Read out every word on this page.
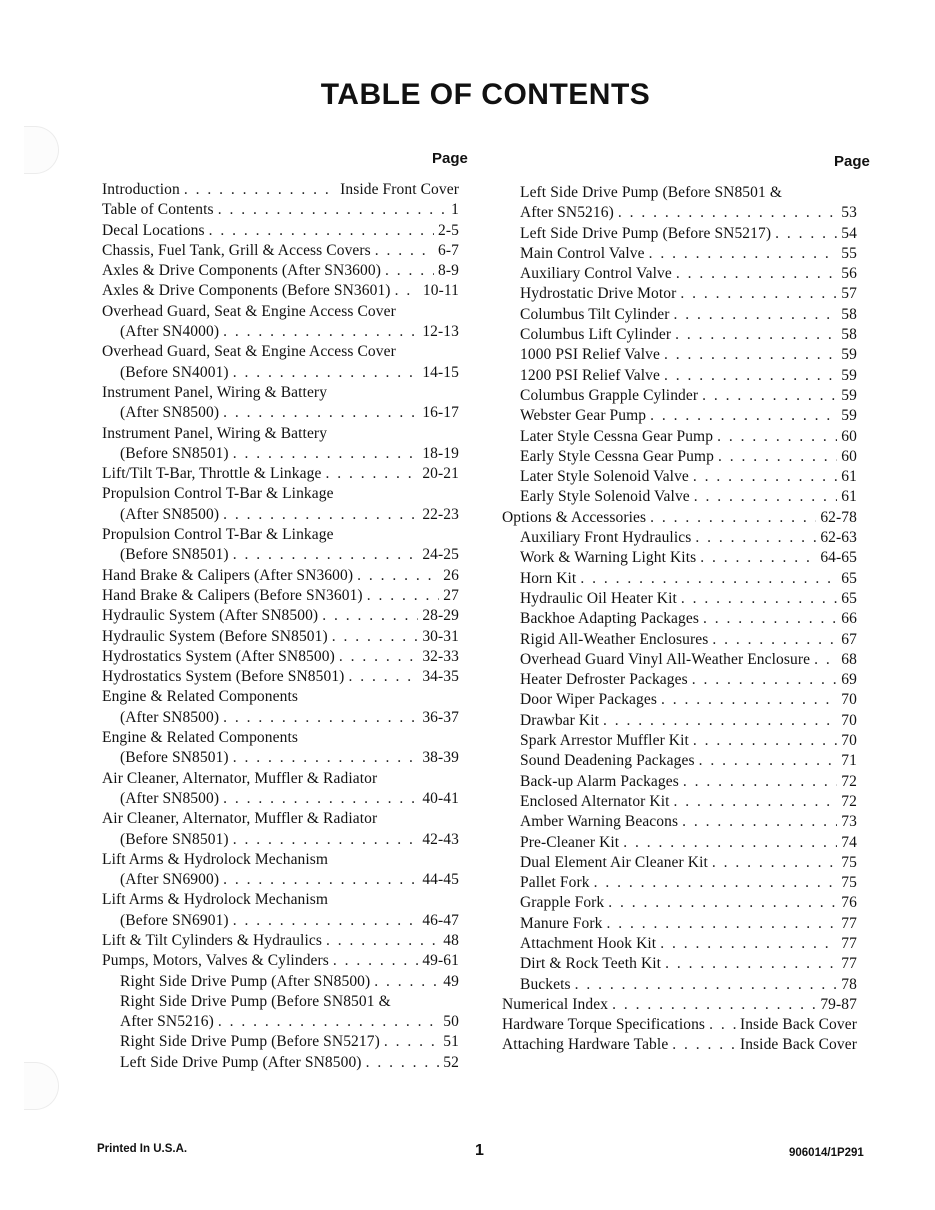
TABLE OF CONTENTS
Page	Page
Introduction . . .	Inside Front Cover
Table of Contents . . .	1
Decal Locations . . .	2-5
Chassis, Fuel Tank, Grill & Access Covers . . .	6-7
Axles & Drive Components (After SN3600) . . .	8-9
Axles & Drive Components (Before SN3601) . . . 10-11
Overhead Guard, Seat & Engine Access Cover
(After SN4000) . . .	12-13
Overhead Guard, Seat & Engine Access Cover
(Before SN4001) . . .	14-15
Instrument Panel, Wiring & Battery
(After SN8500) . . .	16-17
Instrument Panel, Wiring & Battery
(Before SN8501) . . .	18-19
Lift/Tilt T-Bar, Throttle & Linkage . . .	20-21
Propulsion Control T-Bar & Linkage
(After SN8500) . . .	22-23
Propulsion Control T-Bar & Linkage
(Before SN8501) . . .	24-25
Hand Brake & Calipers (After SN3600) . . .	26
Hand Brake & Calipers (Before SN3601) . . .	27
Hydraulic System (After SN8500) . . .	28-29
Hydraulic System (Before SN8501) . . .	30-31
Hydrostatics System (After SN8500) . . .	32-33
Hydrostatics System (Before SN8501) . . .	34-35
Engine & Related Components
(After SN8500) . . .	36-37
Engine & Related Components
(Before SN8501) . . .	38-39
Air Cleaner, Alternator, Muffler & Radiator
(After SN8500) . . .	40-41
Air Cleaner, Alternator, Muffler & Radiator
(Before SN8501) . . .	42-43
Lift Arms & Hydrolock Mechanism
(After SN6900) . . .	44-45
Lift Arms & Hydrolock Mechanism
(Before SN6901) . . .	46-47
Lift & Tilt Cylinders & Hydraulics . . .	48
Pumps, Motors, Valves & Cylinders . . .	49-61
Right Side Drive Pump (After SN8500) . . .	49
Right Side Drive Pump (Before SN8501 &
After SN5216) . . .	50
Right Side Drive Pump (Before SN5217) . . .	51
Left Side Drive Pump (After SN8500) . . .	52
Left Side Drive Pump (Before SN8501 &
After SN5216) . . .	53
Left Side Drive Pump (Before SN5217) . . .	54
Main Control Valve . . .	55
Auxiliary Control Valve . . .	56
Hydrostatic Drive Motor . . .	57
Columbus Tilt Cylinder . . .	58
Columbus Lift Cylinder . . .	58
1000 PSI Relief Valve . . .	59
1200 PSI Relief Valve . . .	59
Columbus Grapple Cylinder . . .	59
Webster Gear Pump . . .	59
Later Style Cessna Gear Pump . . .	60
Early Style Cessna Gear Pump . . .	60
Later Style Solenoid Valve . . .	61
Early Style Solenoid Valve . . .	61
Options & Accessories . . .	62-78
Auxiliary Front Hydraulics . . .	62-63
Work & Warning Light Kits . . .	64-65
Horn Kit . . .	65
Hydraulic Oil Heater Kit . . .	65
Backhoe Adapting Packages . . .	66
Rigid All-Weather Enclosures . . .	67
Overhead Guard Vinyl All-Weather Enclosure . . . 68
Heater Defroster Packages . . .	69
Door Wiper Packages . . .	70
Drawbar Kit . . .	70
Spark Arrestor Muffler Kit . . .	70
Sound Deadening Packages . . .	71
Back-up Alarm Packages . . .	72
Enclosed Alternator Kit . . .	72
Amber Warning Beacons . . .	73
Pre-Cleaner Kit . . .	74
Dual Element Air Cleaner Kit . . .	75
Pallet Fork . . .	75
Grapple Fork . . .	76
Manure Fork . . .	77
Attachment Hook Kit . . .	77
Dirt & Rock Teeth Kit . . .	77
Buckets . . .	78
Numerical Index . . .	79-87
Hardware Torque Specifications . . . Inside Back Cover
Attaching Hardware Table . . .	Inside Back Cover
Printed In U.S.A.	1	906014/1P291
